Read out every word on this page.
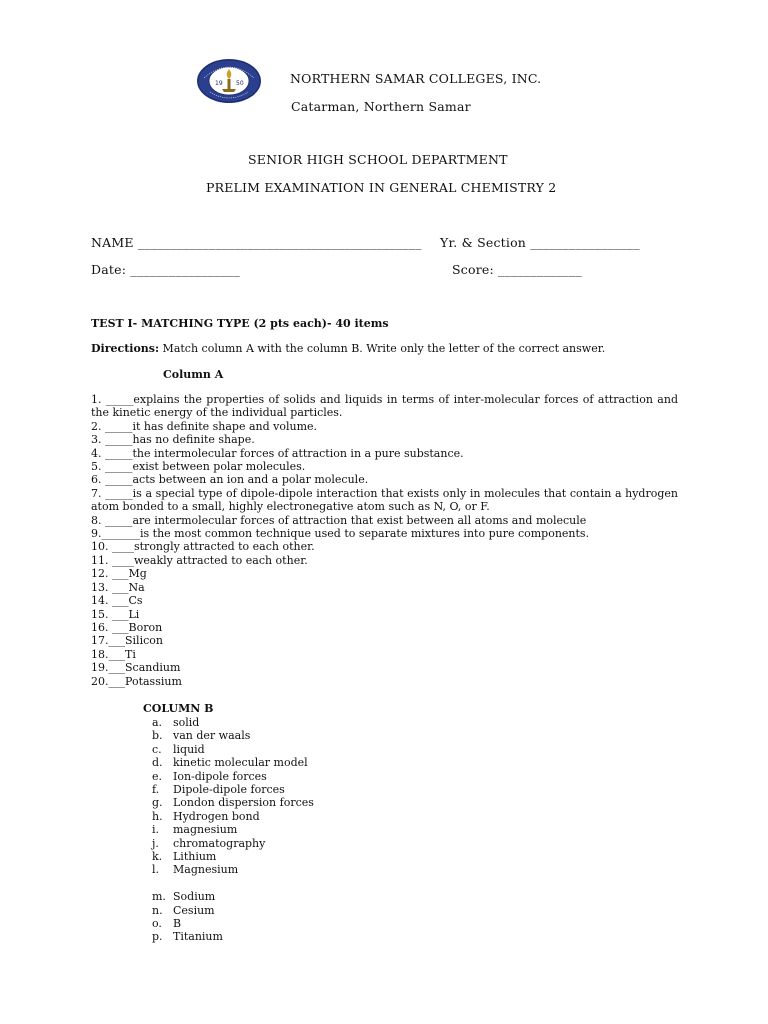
19 50	NORTHERN SAMAR COLLEGES, INC.
Catarman, Northern Samar
SENIOR HIGH SCHOOL DEPARTMENT
PRELIM EXAMINATION IN GENERAL CHEMISTRY 2
NAME ____________________________________________ Yr. & Section _________________
Date: _________________	Score: _____________
TEST I- MATCHING TYPE (2 pts each)- 40 items
Directions: Match column A with the column B. Write only the letter of the correct answer.
Column A
1. _____explains the properties of solids and liquids in terms of inter-molecular forces of attraction and the kinetic energy of the individual particles.
2. _____it has definite shape and volume.
3. _____has no definite shape.
4. _____the intermolecular forces of attraction in a pure substance.
5. _____exist between polar molecules.
6. _____acts between an ion and a polar molecule.
7. _____is a special type of dipole-dipole interaction that exists only in molecules that contain a hydrogen atom bonded to a small, highly electronegative atom such as N, O, or F.
8. _____are intermolecular forces of attraction that exist between all atoms and molecule
9._______is the most common technique used to separate mixtures into pure components.
10. ____strongly attracted to each other.
11. ____weakly attracted to each other.
12. ___Mg
13. ___Na
14. ___Cs
15. ___Li
16. ___Boron
17.___Silicon
18.___Ti
19.___Scandium
20.___Potassium
COLUMN B
a. solid
b. van der waals
c. liquid
d. kinetic molecular model
e. Ion-dipole forces
f. Dipole-dipole forces
g. London dispersion forces
h. Hydrogen bond
i. magnesium
j. chromatography
k. Lithium
l. Magnesium
m. Sodium
n. Cesium
o. B
p. Titanium
